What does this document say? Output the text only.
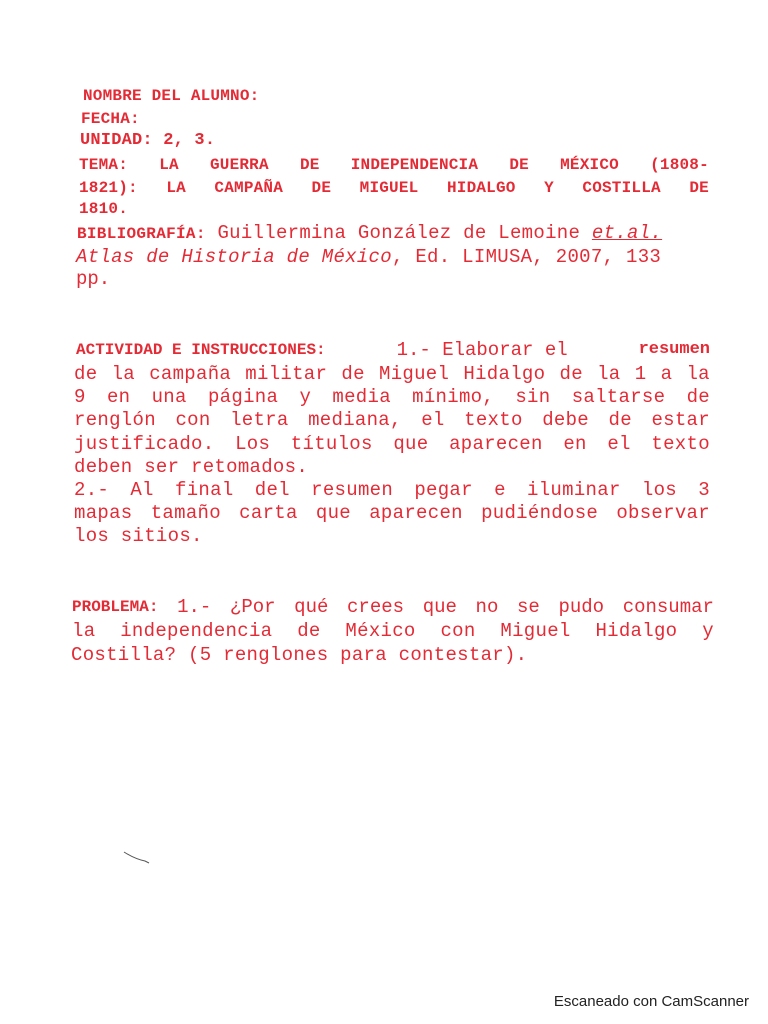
NOMBRE DEL ALUMNO:
FECHA:
UNIDAD: 2, 3.
TEMA: LA GUERRA DE INDEPENDENCIA DE MÉXICO (1808-
1821): LA CAMPAÑA DE MIGUEL HIDALGO Y COSTILLA DE
1810.
BIBLIOGRAFÍA: Guillermina González de Lemoine et.al.
Atlas de Historia de México, Ed. LIMUSA, 2007, 133
pp.
ACTIVIDAD E INSTRUCCIONES:	1.- Elaborar el	resumen
de la campaña militar de Miguel Hidalgo de la 1 a la
9 en una página y media mínimo, sin saltarse de
renglón con letra mediana, el texto debe de estar
justificado. Los títulos que aparecen en el texto
deben ser retomados.
2.- Al final del resumen pegar e iluminar los 3
mapas tamaño carta que aparecen pudiéndose observar
los sitios.
PROBLEMA: 1.- ¿Por qué crees que no se pudo consumar
la independencia de México con Miguel Hidalgo y
Costilla? (5 renglones para contestar).
Escaneado con CamScanner
